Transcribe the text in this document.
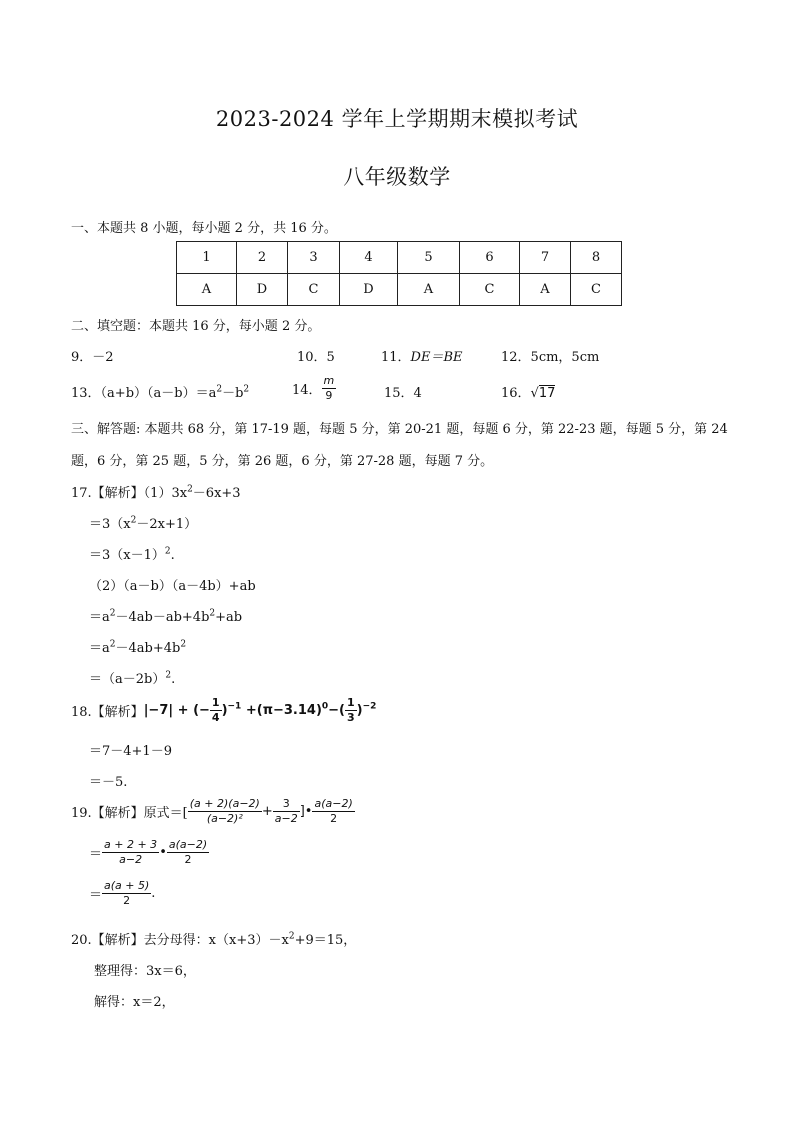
2023-2024 学年上学期期末模拟考试
八年级数学
一、本题共 8 小题，每小题 2 分，共 16 分。
1	2	3	4	5	6	7	8
A	D	C	D	A	C	A	C
二、填空题：本题共 16 分，每小题 2 分。
9．－2	10．5	11．DE＝BE	12．5cm，5cm
13．$(a+b)(a-b)=a^2-b^2$	14． $\frac{m}{9}$	15．4	16．√17
三、解答题: 本题共 68 分，第 17-19 题，每题 5 分，第 20-21 题，每题 6 分，第 22-23 题，每题 5 分，第 24
题，6 分，第 25 题，5 分，第 26 题，6 分，第 27-28 题，每题 7 分。
17.【解析】$(1)3x^2-6x+3$
$=3(x^2-2x+1)$
$=3(x-1)^2$.
（2）（a－b）（a－4b）+ab
$=a^2-4ab-ab+4b^2+ab$
$=a^2-4ab+4b^2$
$=(a-2b)^2$.
18.【解析】|−7| + (− $\frac{1}{4} )^{-1} +(\pi-3.14)^0-( \frac{1}{3} )^{-2}$
＝7－4+1－9
＝－5.
19.【解析】原式＝[ $\frac{(a + 2)(a-2)}{\text{(a−2)²}} + \frac{3}{a-2}$ ]• $\frac{a(a-2)}{2}$
＝ $\frac{a + 2 + 3}{a-2}$ • $\frac{a(a-2)}{2}$
＝ $\frac{a(a + 5)}{2}$ .
20.【解析】去分母得：$x(x+3)-x^2+9=15$，
整理得：3x＝6，
解得：x＝2，
